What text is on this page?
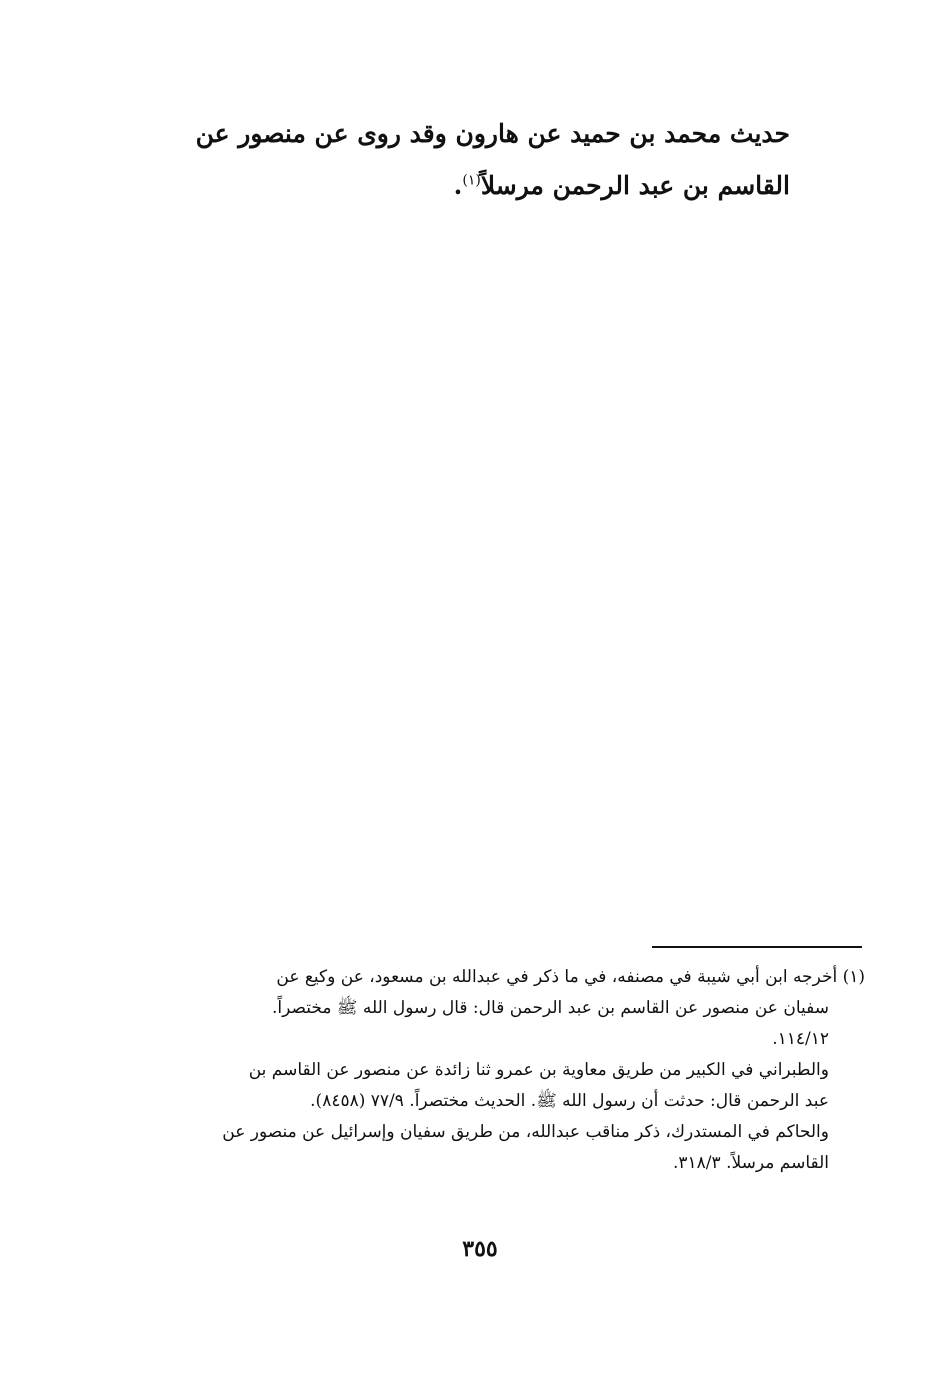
حديث محمد بن حميد عن هارون وقد روى عن منصور عن
القاسم بن عبد الرحمن مرسلاً$^{(١)}$.
(١) أخرجه ابن أبي شيبة في مصنفه، في ما ذكر في عبدالله بن مسعود، عن وكيع عن
سفيان عن منصور عن القاسم بن عبد الرحمن قال: قال رسول الله ﷺ مختصراً.
١١٤/١٢.
والطبراني في الكبير من طريق معاوية بن عمرو ثنا زائدة عن منصور عن القاسم بن
عبد الرحمن قال: حدثت أن رسول الله ﷺ. الحديث مختصراً. ٧٧/٩ (٨٤٥٨).
والحاكم في المستدرك، ذكر مناقب عبدالله، من طريق سفيان وإسرائيل عن منصور عن
القاسم مرسلاً. ٣١٨/٣.
٣٥٥
